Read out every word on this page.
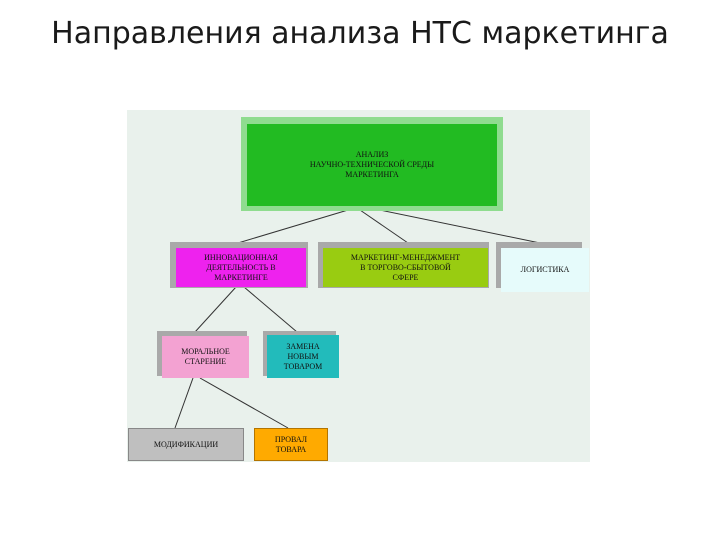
Направления анализа НТС маркетинга
АНАЛИЗ
НАУЧНО-ТЕХНИЧЕСКОЙ СРЕДЫ
МАРКЕТИНГА
ИННОВАЦИОННАЯ
ДЕЯТЕЛЬНОСТЬ В
МАРКЕТИНГЕ
МАРКЕТИНГ-МЕНЕДЖМЕНТ
В ТОРГОВО-СБЫТОВОЙ
СФЕРЕ
ЛОГИСТИКА
МОРАЛЬНОЕ
СТАРЕНИЕ
ЗАМЕНА
НОВЫМ
ТОВАРОМ
МОДИФИКАЦИИ
ПРОВАЛ
ТОВАРА
